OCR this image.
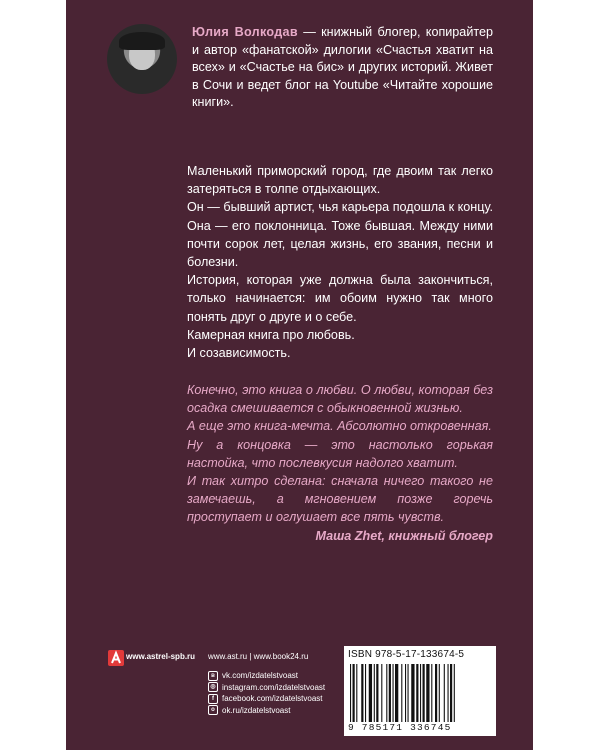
Юлия Волкодав — книжный блогер, копирайтер и автор «фанатской» дилогии «Счастья хватит на всех» и «Счастье на бис» и других историй. Живет в Сочи и ведет блог на Youtube «Читайте хорошие книги».

Маленький приморский город, где двоим так легко затеряться в толпе отдыхающих.

Он — бывший артист, чья карьера подошла к концу. Она — его поклонница. Тоже бывшая. Между ними почти сорок лет, целая жизнь, его звания, песни и болезни.

История, которая уже должна была закончиться, только начинается: им обоим нужно так много понять друг о друге и о себе.

Камерная книга про любовь.

И созависимость.

Конечно, это книга о любви. О любви, которая без осадка смешивается с обыкновенной жизнью.

А еще это книга-мечта. Абсолютно откровенная.

Ну а концовка — это настолько горькая настойка, что послевкусия надолго хватит.

И так хитро сделана: сначала ничего такого не замечаешь, а мгновением позже горечь проступает и оглушает все пять чувств.

Маша Zhet, книжный блогер

www.astrel-spb.ru www.ast.ru | www.book24.ru
в vk.com/izdatelstvoast
◎ instagram.com/izdatelstvoast
f	facebook.com/izdatelstvoast
о ok.ru/izdatelstvoast
ISBN 978-5-17-133674-5
9 785171 336745
